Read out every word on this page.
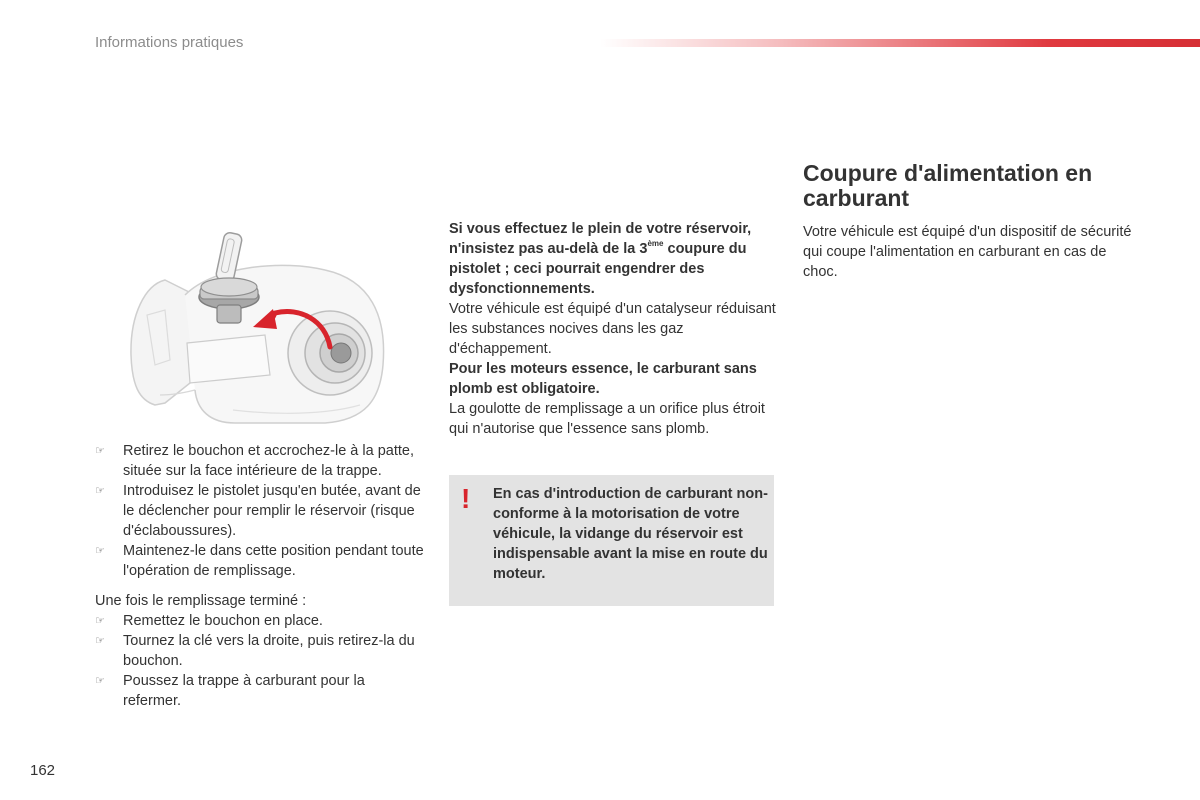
Informations pratiques
☞	Retirez le bouchon et accrochez-le à la patte, située sur la face intérieure de la trappe.
☞	Introduisez le pistolet jusqu'en butée, avant de le déclencher pour remplir le réservoir (risque d'éclaboussures).
☞	Maintenez-le dans cette position pendant toute l'opération de remplissage.
Une fois le remplissage terminé :
☞	Remettez le bouchon en place.
☞	Tournez la clé vers la droite, puis retirez-la du bouchon.
☞	Poussez la trappe à carburant pour la refermer.
Si vous effectuez le plein de votre réservoir, n'insistez pas au-delà de la 3ème coupure du pistolet ; ceci pourrait engendrer des dysfonctionnements.
Votre véhicule est équipé d'un catalyseur réduisant les substances nocives dans les gaz d'échappement.
Pour les moteurs essence, le carburant sans plomb est obligatoire.
La goulotte de remplissage a un orifice plus étroit qui n'autorise que l'essence sans plomb.
! En cas d'introduction de carburant non-conforme à la motorisation de votre véhicule, la vidange du réservoir est indispensable avant la mise en route du moteur.
Coupure d'alimentation en carburant
Votre véhicule est équipé d'un dispositif de sécurité qui coupe l'alimentation en carburant en cas de choc.
162
